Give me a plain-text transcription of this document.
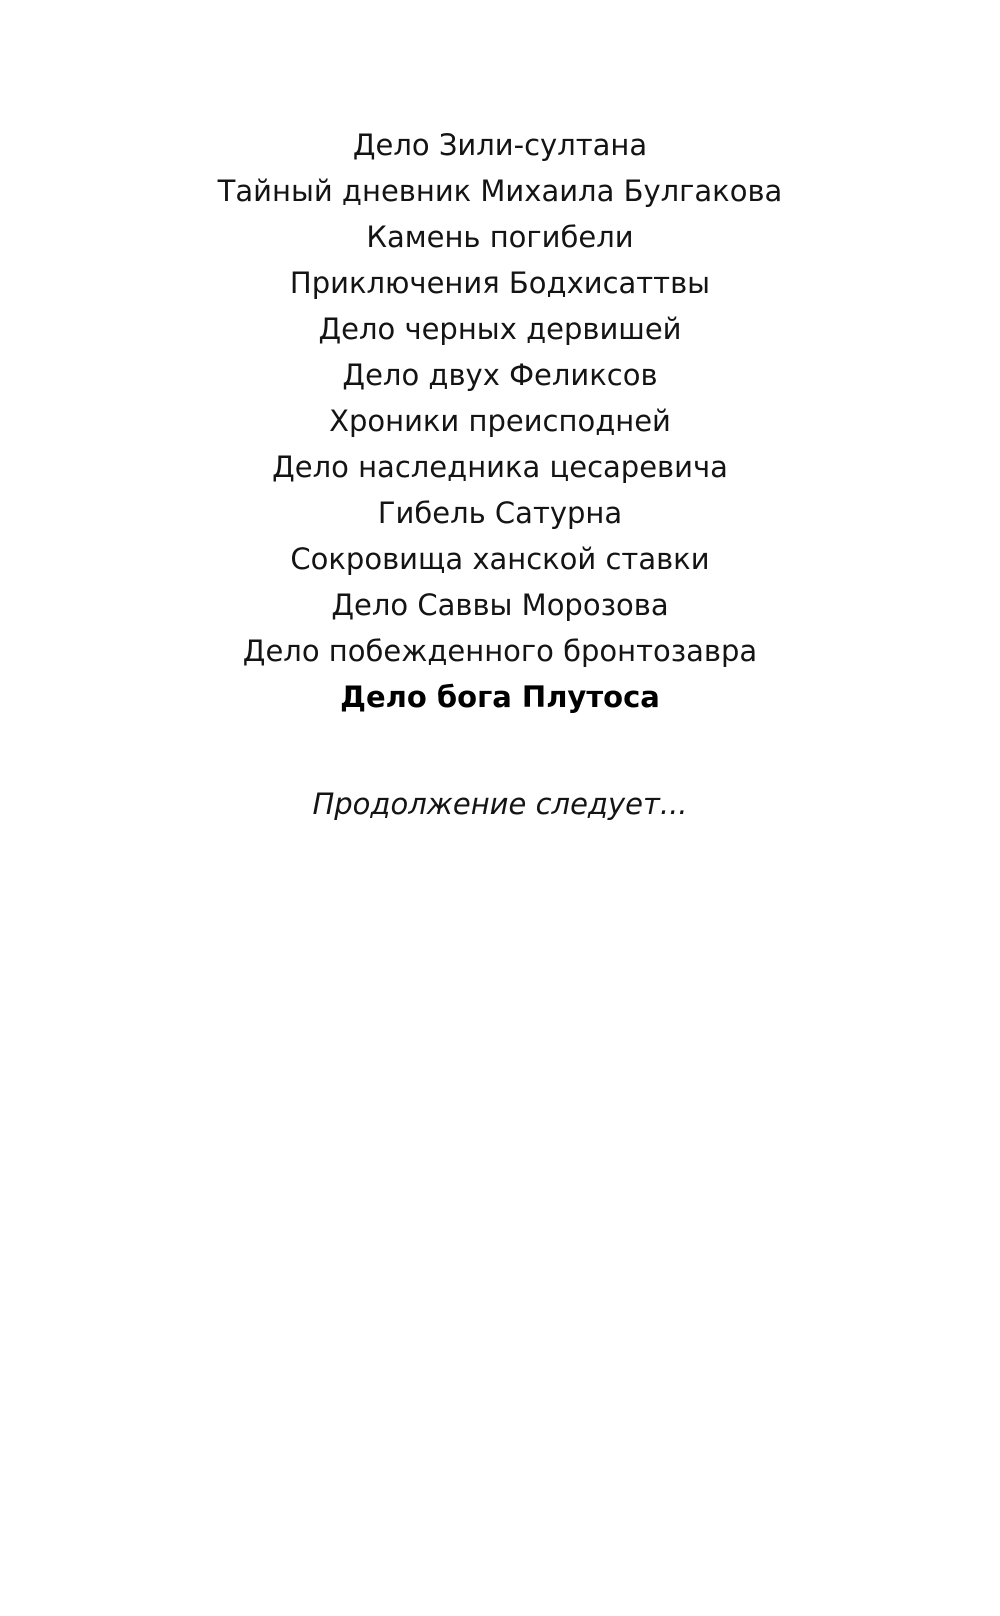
Дело Зили-султана
Тайный дневник Михаила Булгакова
Камень погибели
Приключения Бодхисаттвы
Дело черных дервишей
Дело двух Феликсов
Хроники преисподней
Дело наследника цесаревича
Гибель Сатурна
Сокровища ханской ставки
Дело Саввы Морозова
Дело побежденного бронтозавра
Дело бога Плутоса

Продолжение следует...
